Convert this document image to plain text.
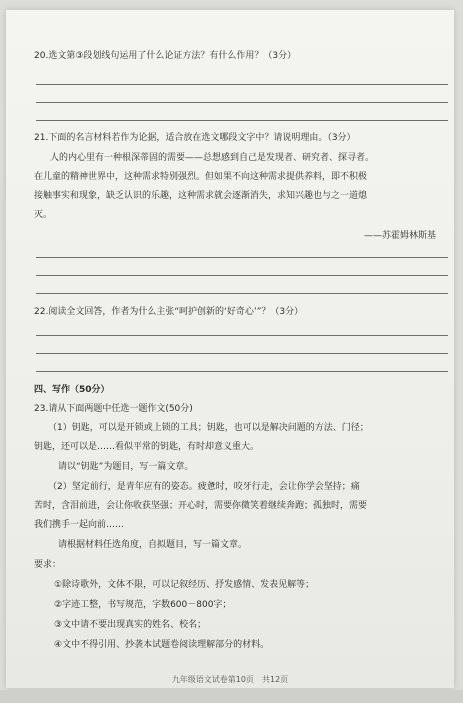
20.选文第③段划线句运用了什么论证方法？有什么作用？（3分）
21.下面的名言材料若作为论据，适合放在选文哪段文字中？请说明理由。（3分）
人的内心里有一种根深蒂固的需要——总想感到自己是发现者、研究者、探寻者。
在儿童的精神世界中，这种需求特别强烈。但如果不向这种需求提供养料，即不积极
接触事实和现象，缺乏认识的乐趣，这种需求就会逐渐消失，求知兴趣也与之一道熄
灭。
——苏霍姆林斯基
22.阅读全文回答，作者为什么主张“呵护创新的‘好奇心’”？（3分）
四、写作（50分）
23.请从下面两题中任选一题作文(50分)
（1）钥匙，可以是开锁或上锁的工具；钥匙，也可以是解决问题的方法、门径；
钥匙，还可以是……看似平常的钥匙，有时却意义重大。
请以“钥匙”为题目，写一篇文章。
（2）坚定前行，是青年应有的姿态。疲惫时，咬牙行走，会让你学会坚持；痛
苦时，含泪前进，会让你收获坚强；开心时，需要你微笑着继续奔跑；孤独时，需要
我们携手一起向前……
请根据材料任选角度，自拟题目，写一篇文章。
要求：
①除诗歌外，文体不限，可以记叙经历、抒发感情、发表见解等；
②字迹工整，书写规范，字数600－800字；
③文中请不要出现真实的姓名、校名；
④文中不得引用、抄袭本试题卷阅读理解部分的材料。
九年级语文试卷第10页　共12页
